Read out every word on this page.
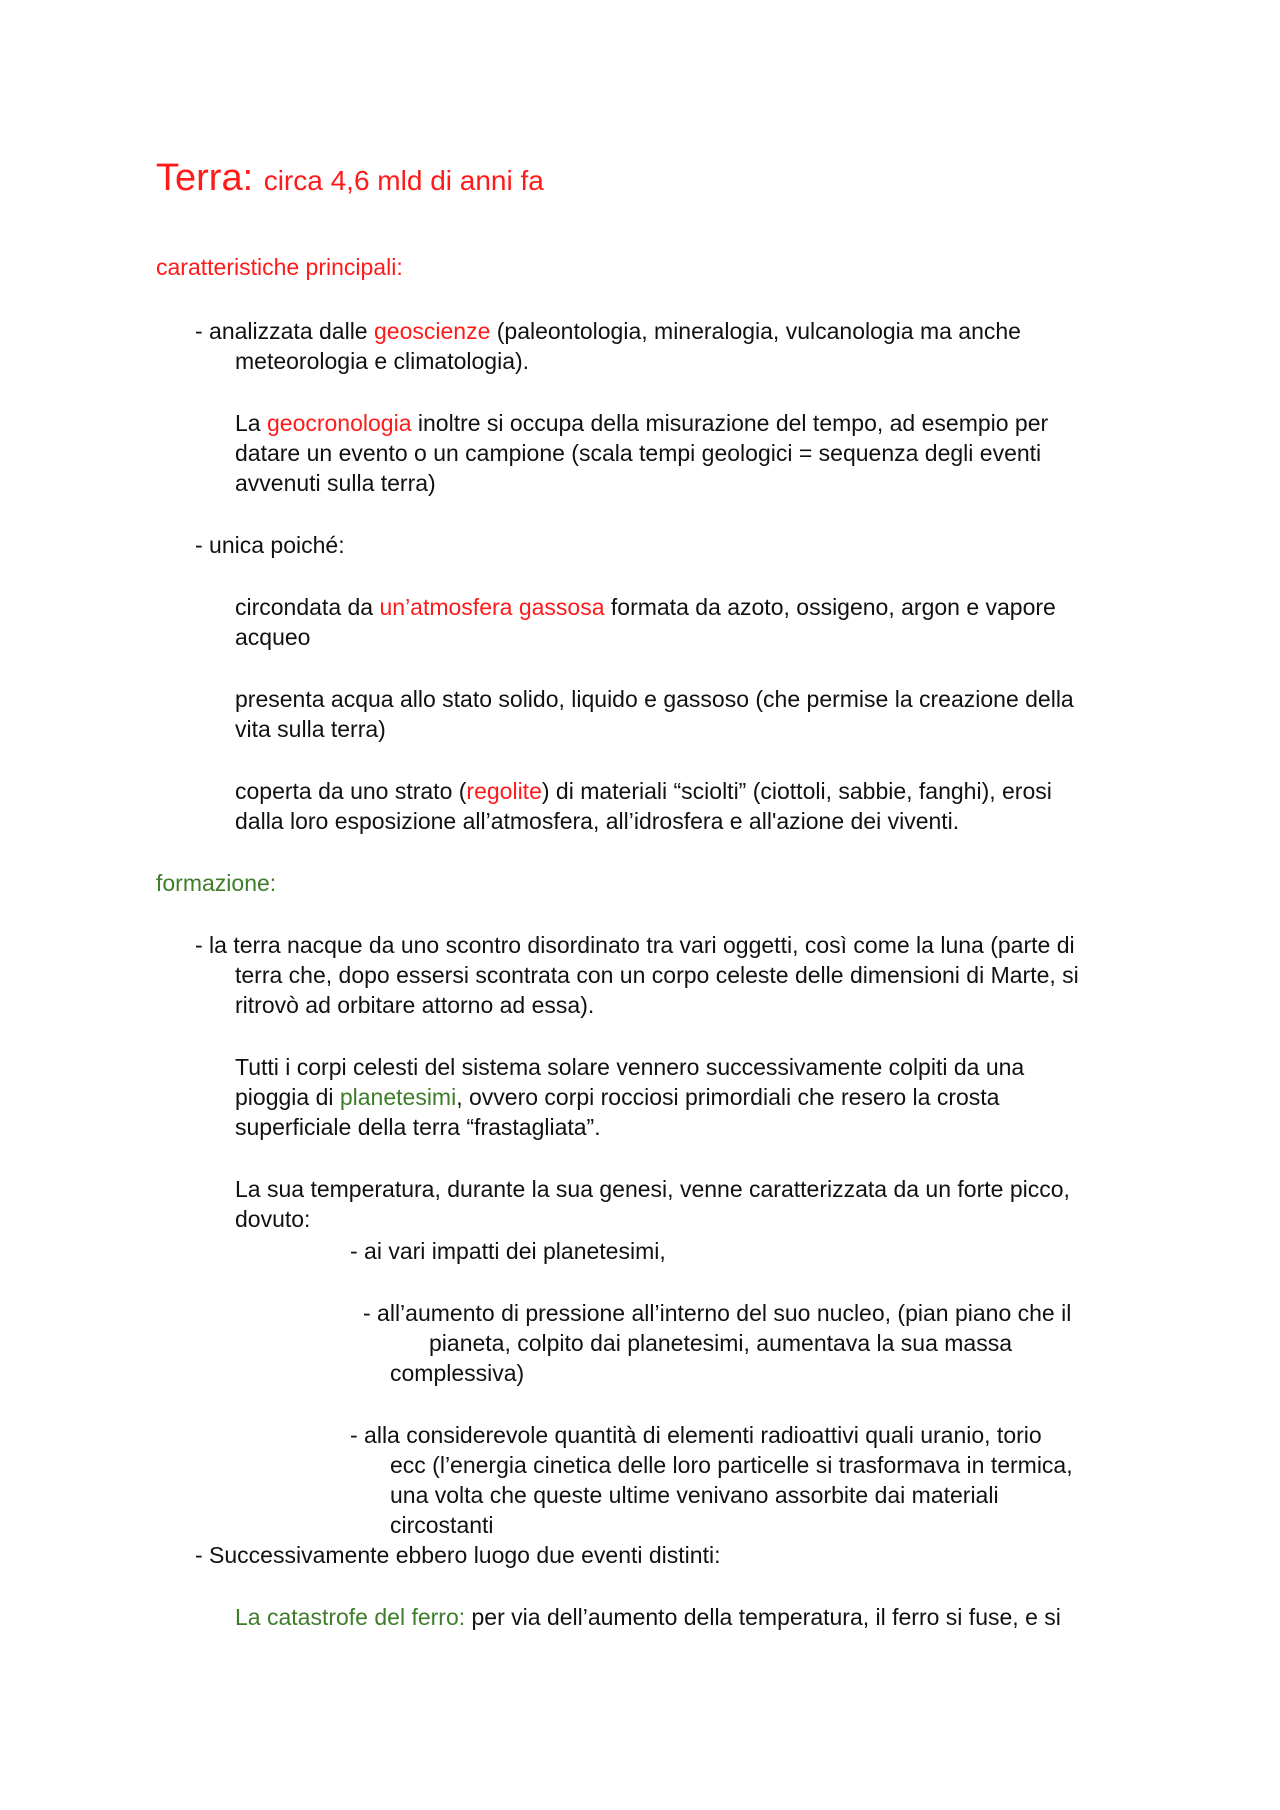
Terra: circa 4,6 mld di anni fa
caratteristiche principali:
- analizzata dalle geoscienze (paleontologia, mineralogia, vulcanologia ma anche
meteorologia e climatologia).
La geocronologia inoltre si occupa della misurazione del tempo, ad esempio per
datare un evento o un campione (scala tempi geologici = sequenza degli eventi
avvenuti sulla terra)
- unica poiché:
circondata da un’atmosfera gassosa formata da azoto, ossigeno, argon e vapore
acqueo
presenta acqua allo stato solido, liquido e gassoso (che permise la creazione della
vita sulla terra)
coperta da uno strato (regolite) di materiali “sciolti” (ciottoli, sabbie, fanghi), erosi
dalla loro esposizione all’atmosfera, all’idrosfera e all'azione dei viventi.
formazione:
- la terra nacque da uno scontro disordinato tra vari oggetti, così come la luna (parte di
terra che, dopo essersi scontrata con un corpo celeste delle dimensioni di Marte, si
ritrovò ad orbitare attorno ad essa).
Tutti i corpi celesti del sistema solare vennero successivamente colpiti da una
pioggia di planetesimi, ovvero corpi rocciosi primordiali che resero la crosta
superficiale della terra “frastagliata”.
La sua temperatura, durante la sua genesi, venne caratterizzata da un forte picco,
dovuto:
- ai vari impatti dei planetesimi,
- all’aumento di pressione all’interno del suo nucleo, (pian piano che il
pianeta, colpito dai planetesimi, aumentava la sua massa
complessiva)
- alla considerevole quantità di elementi radioattivi quali uranio, torio
ecc (l’energia cinetica delle loro particelle si trasformava in termica,
una volta che queste ultime venivano assorbite dai materiali
circostanti
- Successivamente ebbero luogo due eventi distinti:
La catastrofe del ferro: per via dell’aumento della temperatura, il ferro si fuse, e si
